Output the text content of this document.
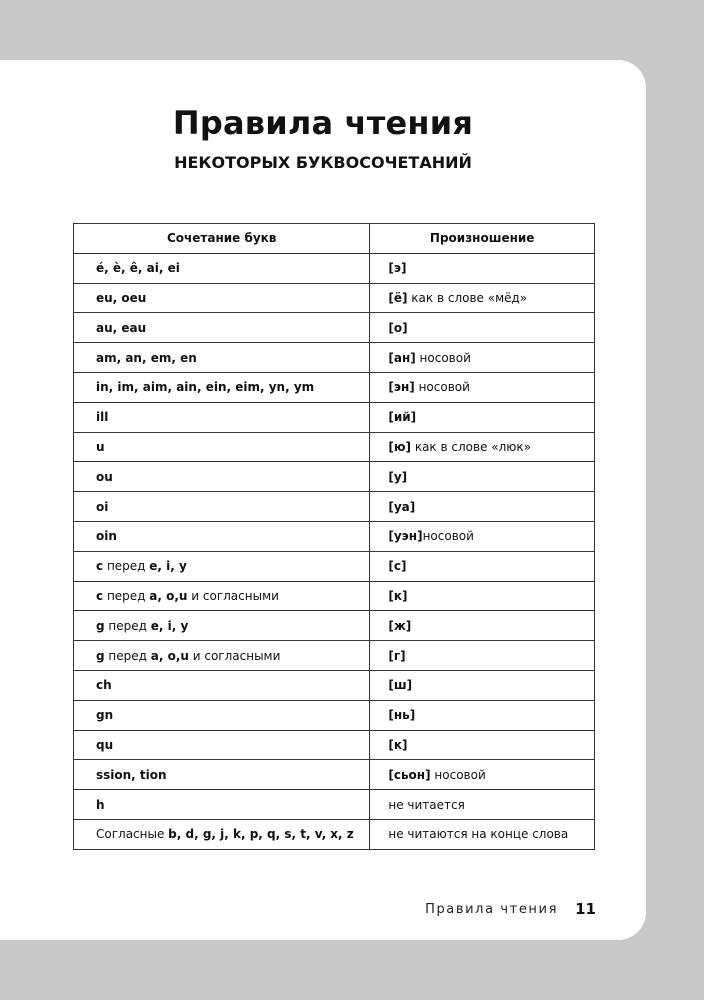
Правила чтения
НЕКОТОРЫХ БУКВОСОЧЕТАНИЙ
Сочетание букв	Произношение
é, è, ê, ai, ei	[э]
eu, oeu	[ё] как в слове «мёд»
au, eau	[о]
am, an, em, en	[ан] носовой
in, im, aim, ain, ein, eim, yn, ym	[эн] носовой
ill	[ий]
u	[ю] как в слове «люк»
ou	[у]
oi	[уа]
oin	[уэн]носовой
с перед e, i, y	[с]
с перед a, o,u и согласными	[к]
g перед e, i, y	[ж]
g перед a, o,u и согласными	[г]
ch	[ш]
gn	[нь]
qu	[к]
ssion, tion	[сьон] носовой
h	не читается
Согласные b, d, g, j, k, p, q, s, t, v, x, z	не читаются на конце слова
Правила чтения 11
